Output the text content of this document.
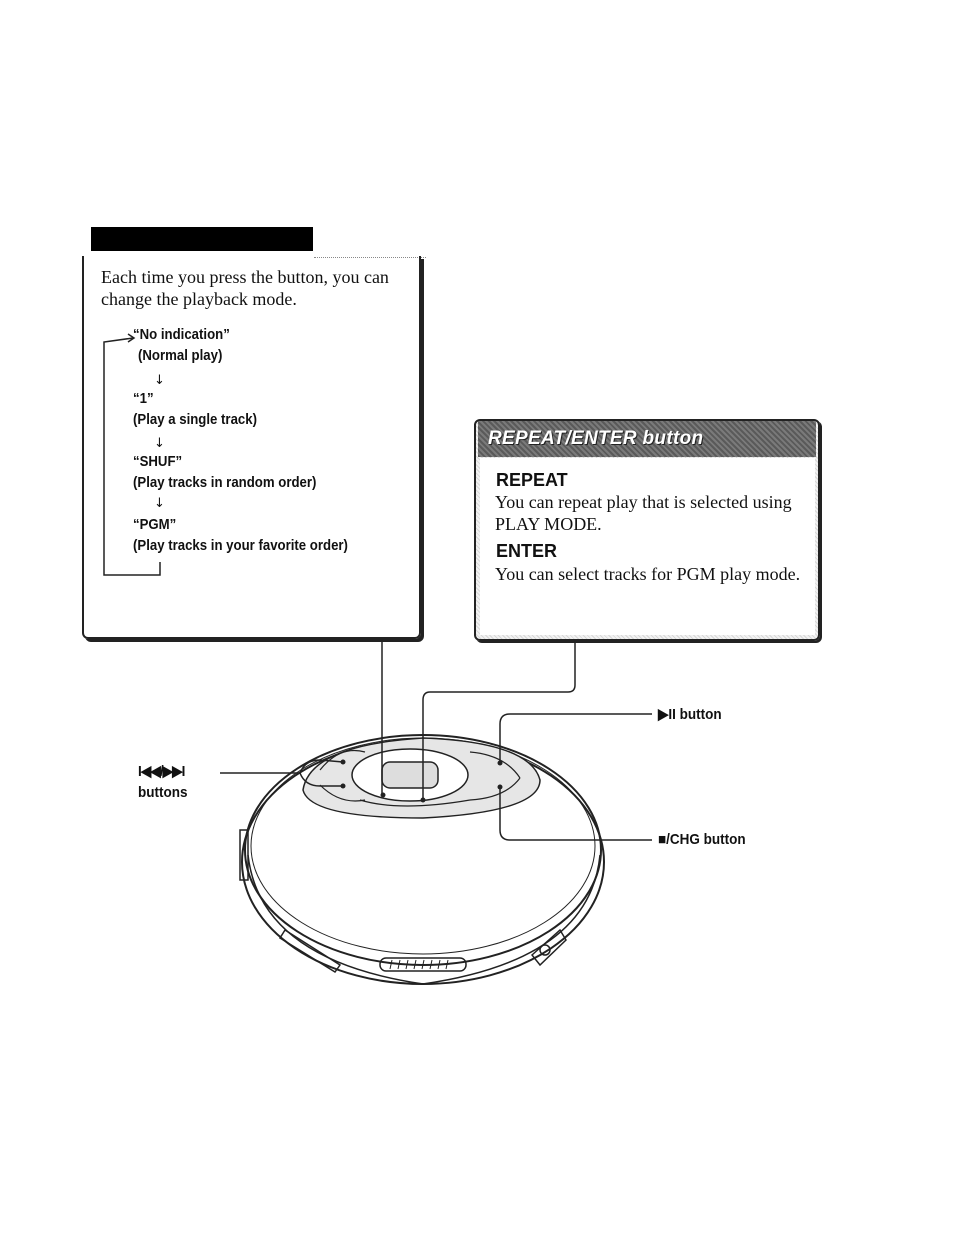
Each time you press the button, you can change the playback mode.
“No indication”
(Normal play)
↓
“1”
(Play a single track)
↓
“SHUF”
(Play tracks in random order)
↓
“PGM”
(Play tracks in your favorite order)
REPEAT/ENTER button
REPEAT
You can repeat play that is selected using PLAY MODE.
ENTER
You can select tracks for PGM play mode.
I◀◀/▶▶I
buttons
▶II button
■/CHG button
